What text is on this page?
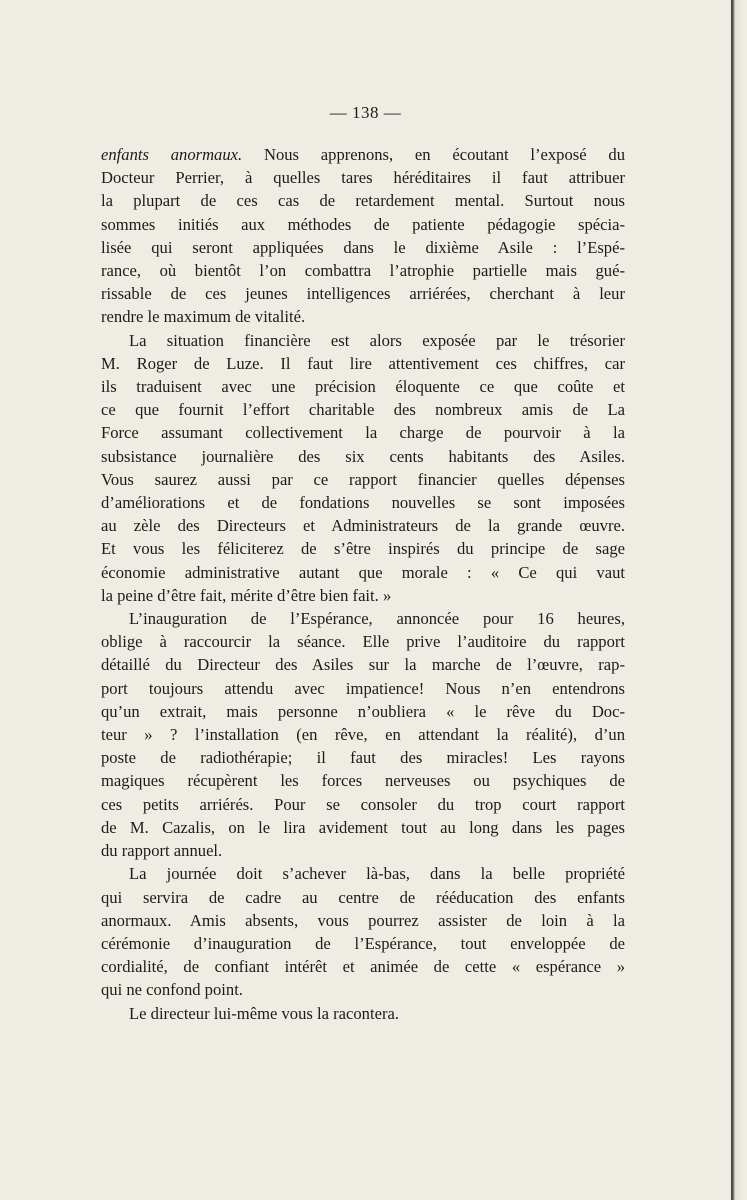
— 138 —

enfants anormaux. Nous apprenons, en écoutant l’exposé du

Docteur Perrier, à quelles tares héréditaires il faut attribuer

la plupart de ces cas de retardement mental. Surtout nous

sommes initiés aux méthodes de patiente pédagogie spécia-

lisée qui seront appliquées dans le dixième Asile : l’Espé-

rance, où bientôt l’on combattra l’atrophie partielle mais gué-

rissable de ces jeunes intelligences arriérées, cherchant à leur

rendre le maximum de vitalité.

La situation financière est alors exposée par le trésorier

M. Roger de Luze. Il faut lire attentivement ces chiffres, car

ils traduisent avec une précision éloquente ce que coûte et

ce que fournit l’effort charitable des nombreux amis de La

Force assumant collectivement la charge de pourvoir à la

subsistance journalière des six cents habitants des Asiles.

Vous saurez aussi par ce rapport financier quelles dépenses

d’améliorations et de fondations nouvelles se sont imposées

au zèle des Directeurs et Administrateurs de la grande œuvre.

Et vous les féliciterez de s’être inspirés du principe de sage

économie administrative autant que morale : « Ce qui vaut

la peine d’être fait, mérite d’être bien fait. »

L’inauguration de l’Espérance, annoncée pour 16 heures,

oblige à raccourcir la séance. Elle prive l’auditoire du rapport

détaillé du Directeur des Asiles sur la marche de l’œuvre, rap-

port toujours attendu avec impatience! Nous n’en entendrons

qu’un extrait, mais personne n’oubliera « le rêve du Doc-

teur » ? l’installation (en rêve, en attendant la réalité), d’un

poste de radiothérapie; il faut des miracles! Les rayons

magiques récupèrent les forces nerveuses ou psychiques de

ces petits arriérés. Pour se consoler du trop court rapport

de M. Cazalis, on le lira avidement tout au long dans les pages

du rapport annuel.

La journée doit s’achever là-bas, dans la belle propriété

qui servira de cadre au centre de rééducation des enfants

anormaux. Amis absents, vous pourrez assister de loin à la

cérémonie d’inauguration de l’Espérance, tout enveloppée de

cordialité, de confiant intérêt et animée de cette « espérance »

qui ne confond point.

Le directeur lui-même vous la racontera.
